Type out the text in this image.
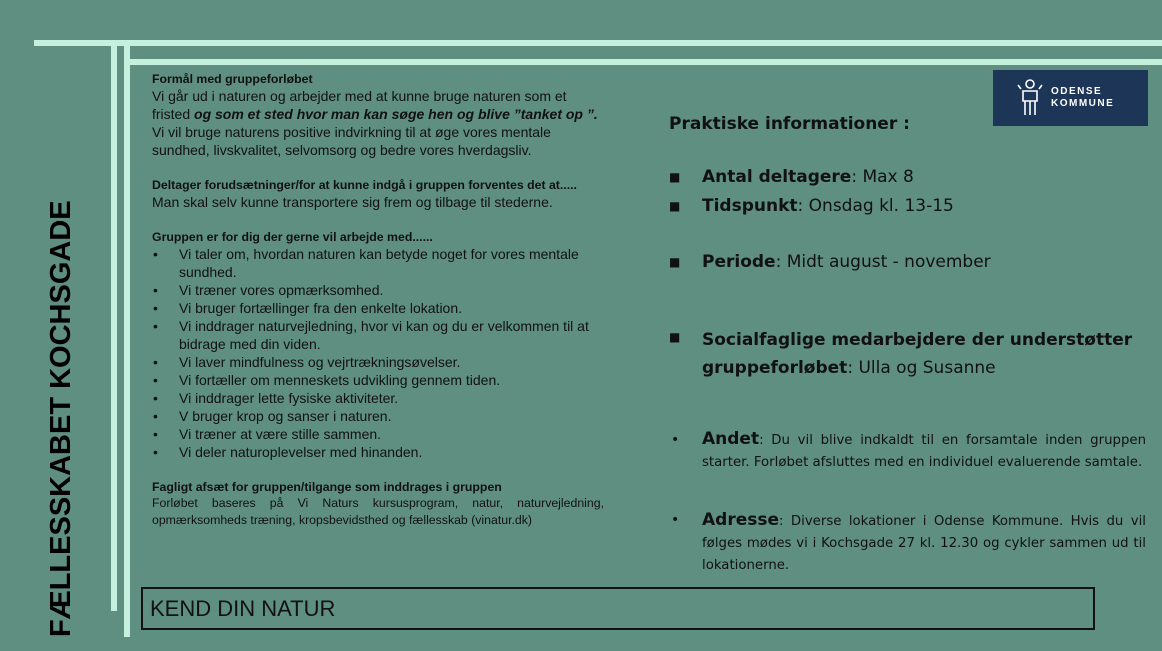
FÆLLESSKABET KOCHSGADE

Formål med gruppeforløbet

Vi går ud i naturen og arbejder med at kunne bruge naturen som et fristed og som et sted hvor man kan søge hen og blive ”tanket op ”.

Vi vil bruge naturens positive indvirkning til at øge vores mentale sundhed, livskvalitet, selvomsorg og bedre vores hverdagsliv.

Deltager forudsætninger/for at kunne indgå i gruppen forventes det at.....

Man skal selv kunne transportere sig frem og tilbage til stederne.

Gruppen er for dig der gerne vil arbejde med......

• Vi taler om, hvordan naturen kan betyde noget for vores mentale sundhed.
• Vi træner vores opmærksomhed.
• Vi bruger fortællinger fra den enkelte lokation.
• Vi inddrager naturvejledning, hvor vi kan og du er velkommen til at bidrage med din viden.
• Vi laver mindfulness og vejrtrækningsøvelser.
• Vi fortæller om menneskets udvikling gennem tiden.
• Vi inddrager lette fysiske aktiviteter.
• V bruger krop og sanser i naturen.
• Vi træner at være stille sammen.
• Vi deler naturoplevelser med hinanden.

Fagligt afsæt for gruppen/tilgange som inddrages i gruppen

Forløbet baseres på Vi Naturs kursusprogram, natur, naturvejledning, opmærksomheds træning, kropsbevidsthed og fællesskab (vinatur.dk)

ODENSE
KOMMUNE
Praktiske informationer :
■ Antal deltagere: Max 8
■ Tidspunkt: Onsdag kl. 13-15
■ Periode: Midt august - november
■ Socialfaglige medarbejdere der understøtter gruppeforløbet: Ulla og Susanne
• Andet: Du vil blive indkaldt til en forsamtale inden gruppen starter. Forløbet afsluttes med en individuel evaluerende samtale.
• Adresse: Diverse lokationer i Odense Kommune. Hvis du vil følges mødes vi i Kochsgade 27 kl. 12.30 og cykler sammen ud til lokationerne.
KEND DIN NATUR
